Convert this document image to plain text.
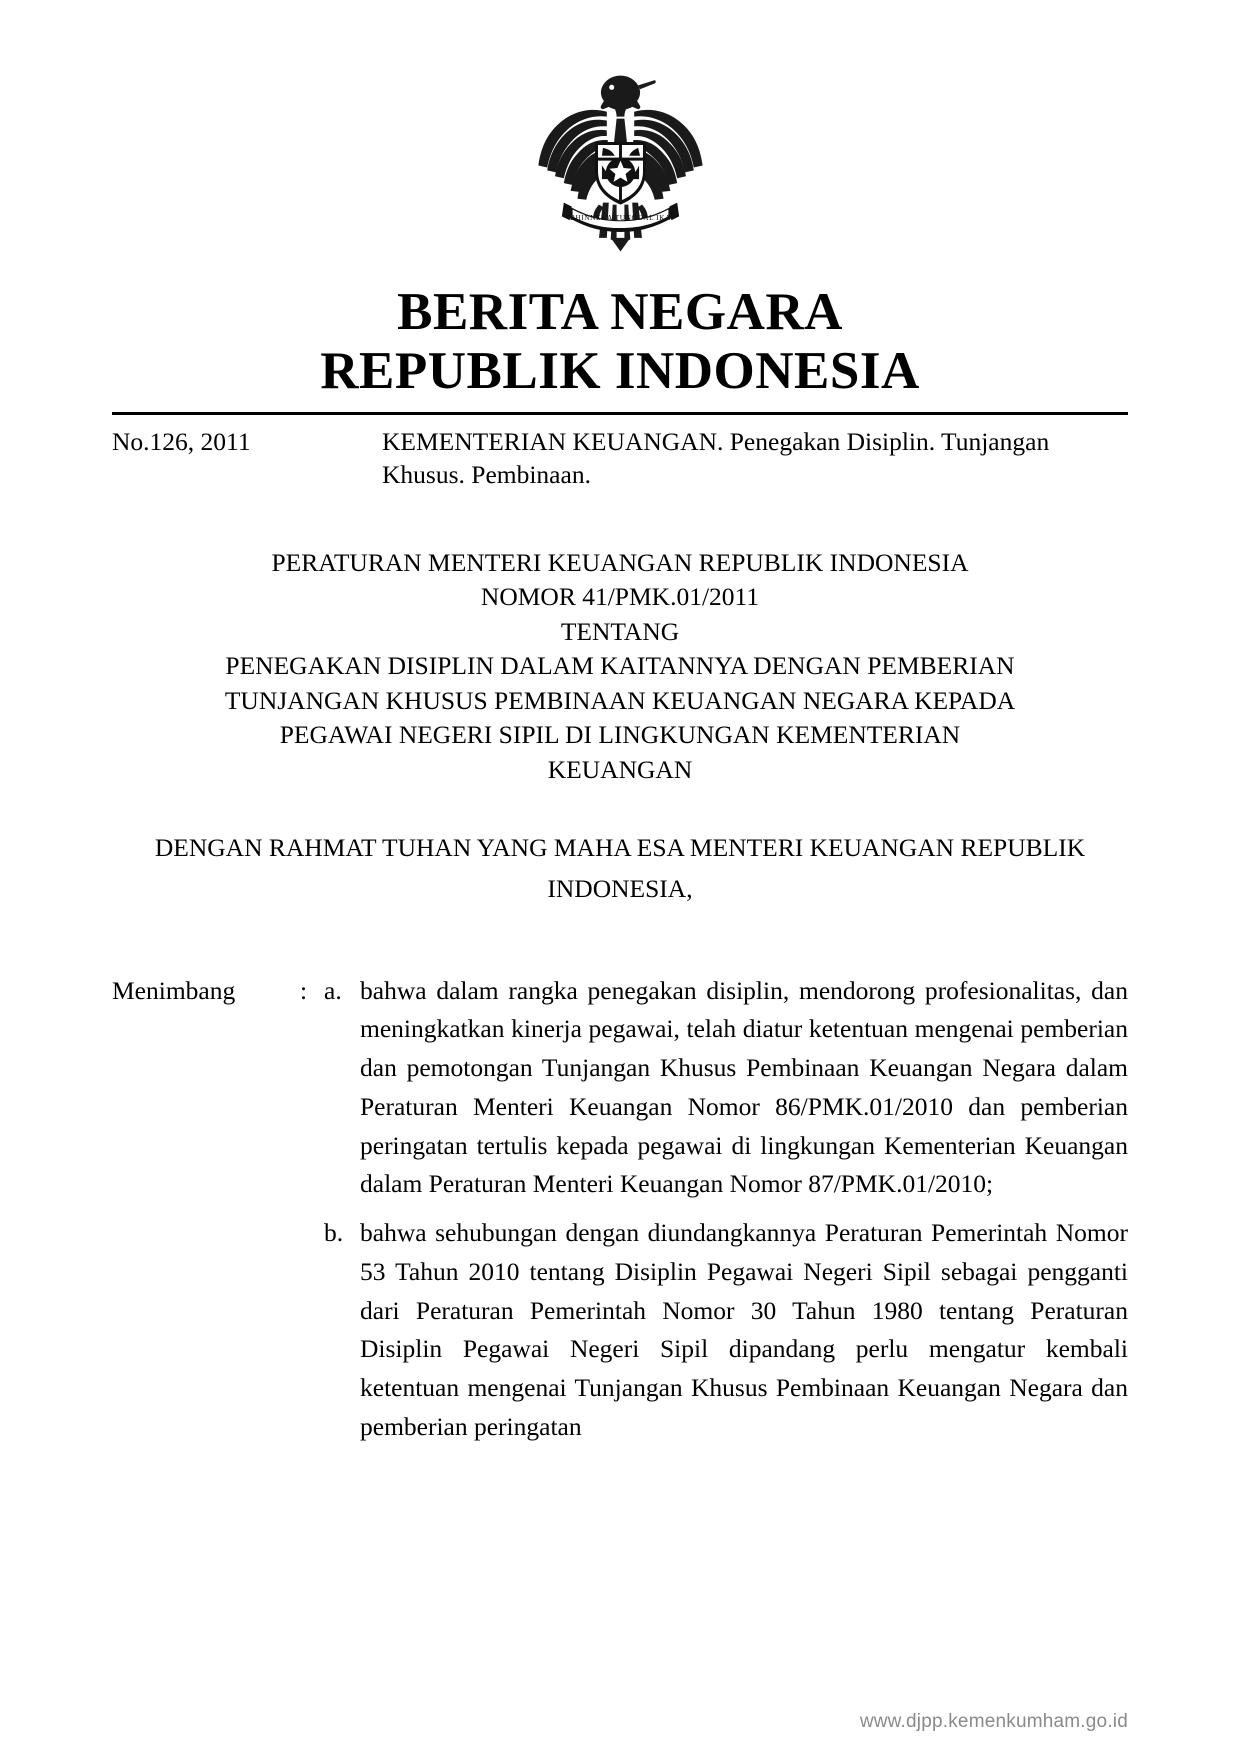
BHINNEKA TUNGGAL IKA
BERITA NEGARA
REPUBLIK INDONESIA
No.126, 2011	KEMENTERIAN KEUANGAN. Penegakan Disiplin. Tunjangan Khusus. Pembinaan.
PERATURAN MENTERI KEUANGAN REPUBLIK INDONESIA
NOMOR 41/PMK.01/2011
TENTANG
PENEGAKAN DISIPLIN DALAM KAITANNYA DENGAN PEMBERIAN TUNJANGAN KHUSUS PEMBINAAN KEUANGAN NEGARA KEPADA PEGAWAI NEGERI SIPIL DI LINGKUNGAN KEMENTERIAN KEUANGAN
DENGAN RAHMAT TUHAN YANG MAHA ESA MENTERI KEUANGAN REPUBLIK INDONESIA,
Menimbang	: a. bahwa dalam rangka penegakan disiplin, mendorong profesionalitas, dan meningkatkan kinerja pegawai, telah diatur ketentuan mengenai pemberian dan pemotongan Tunjangan Khusus Pembinaan Keuangan Negara dalam Peraturan Menteri Keuangan Nomor 86/PMK.01/2010 dan pemberian peringatan tertulis kepada pegawai di lingkungan Kementerian Keuangan dalam Peraturan Menteri Keuangan Nomor 87/PMK.01/2010;
b. bahwa sehubungan dengan diundangkannya Peraturan Pemerintah Nomor 53 Tahun 2010 tentang Disiplin Pegawai Negeri Sipil sebagai pengganti dari Peraturan Pemerintah Nomor 30 Tahun 1980 tentang Peraturan Disiplin Pegawai Negeri Sipil dipandang perlu mengatur kembali ketentuan mengenai Tunjangan Khusus Pembinaan Keuangan Negara dan pemberian peringatan
www.djpp.kemenkumham.go.id
